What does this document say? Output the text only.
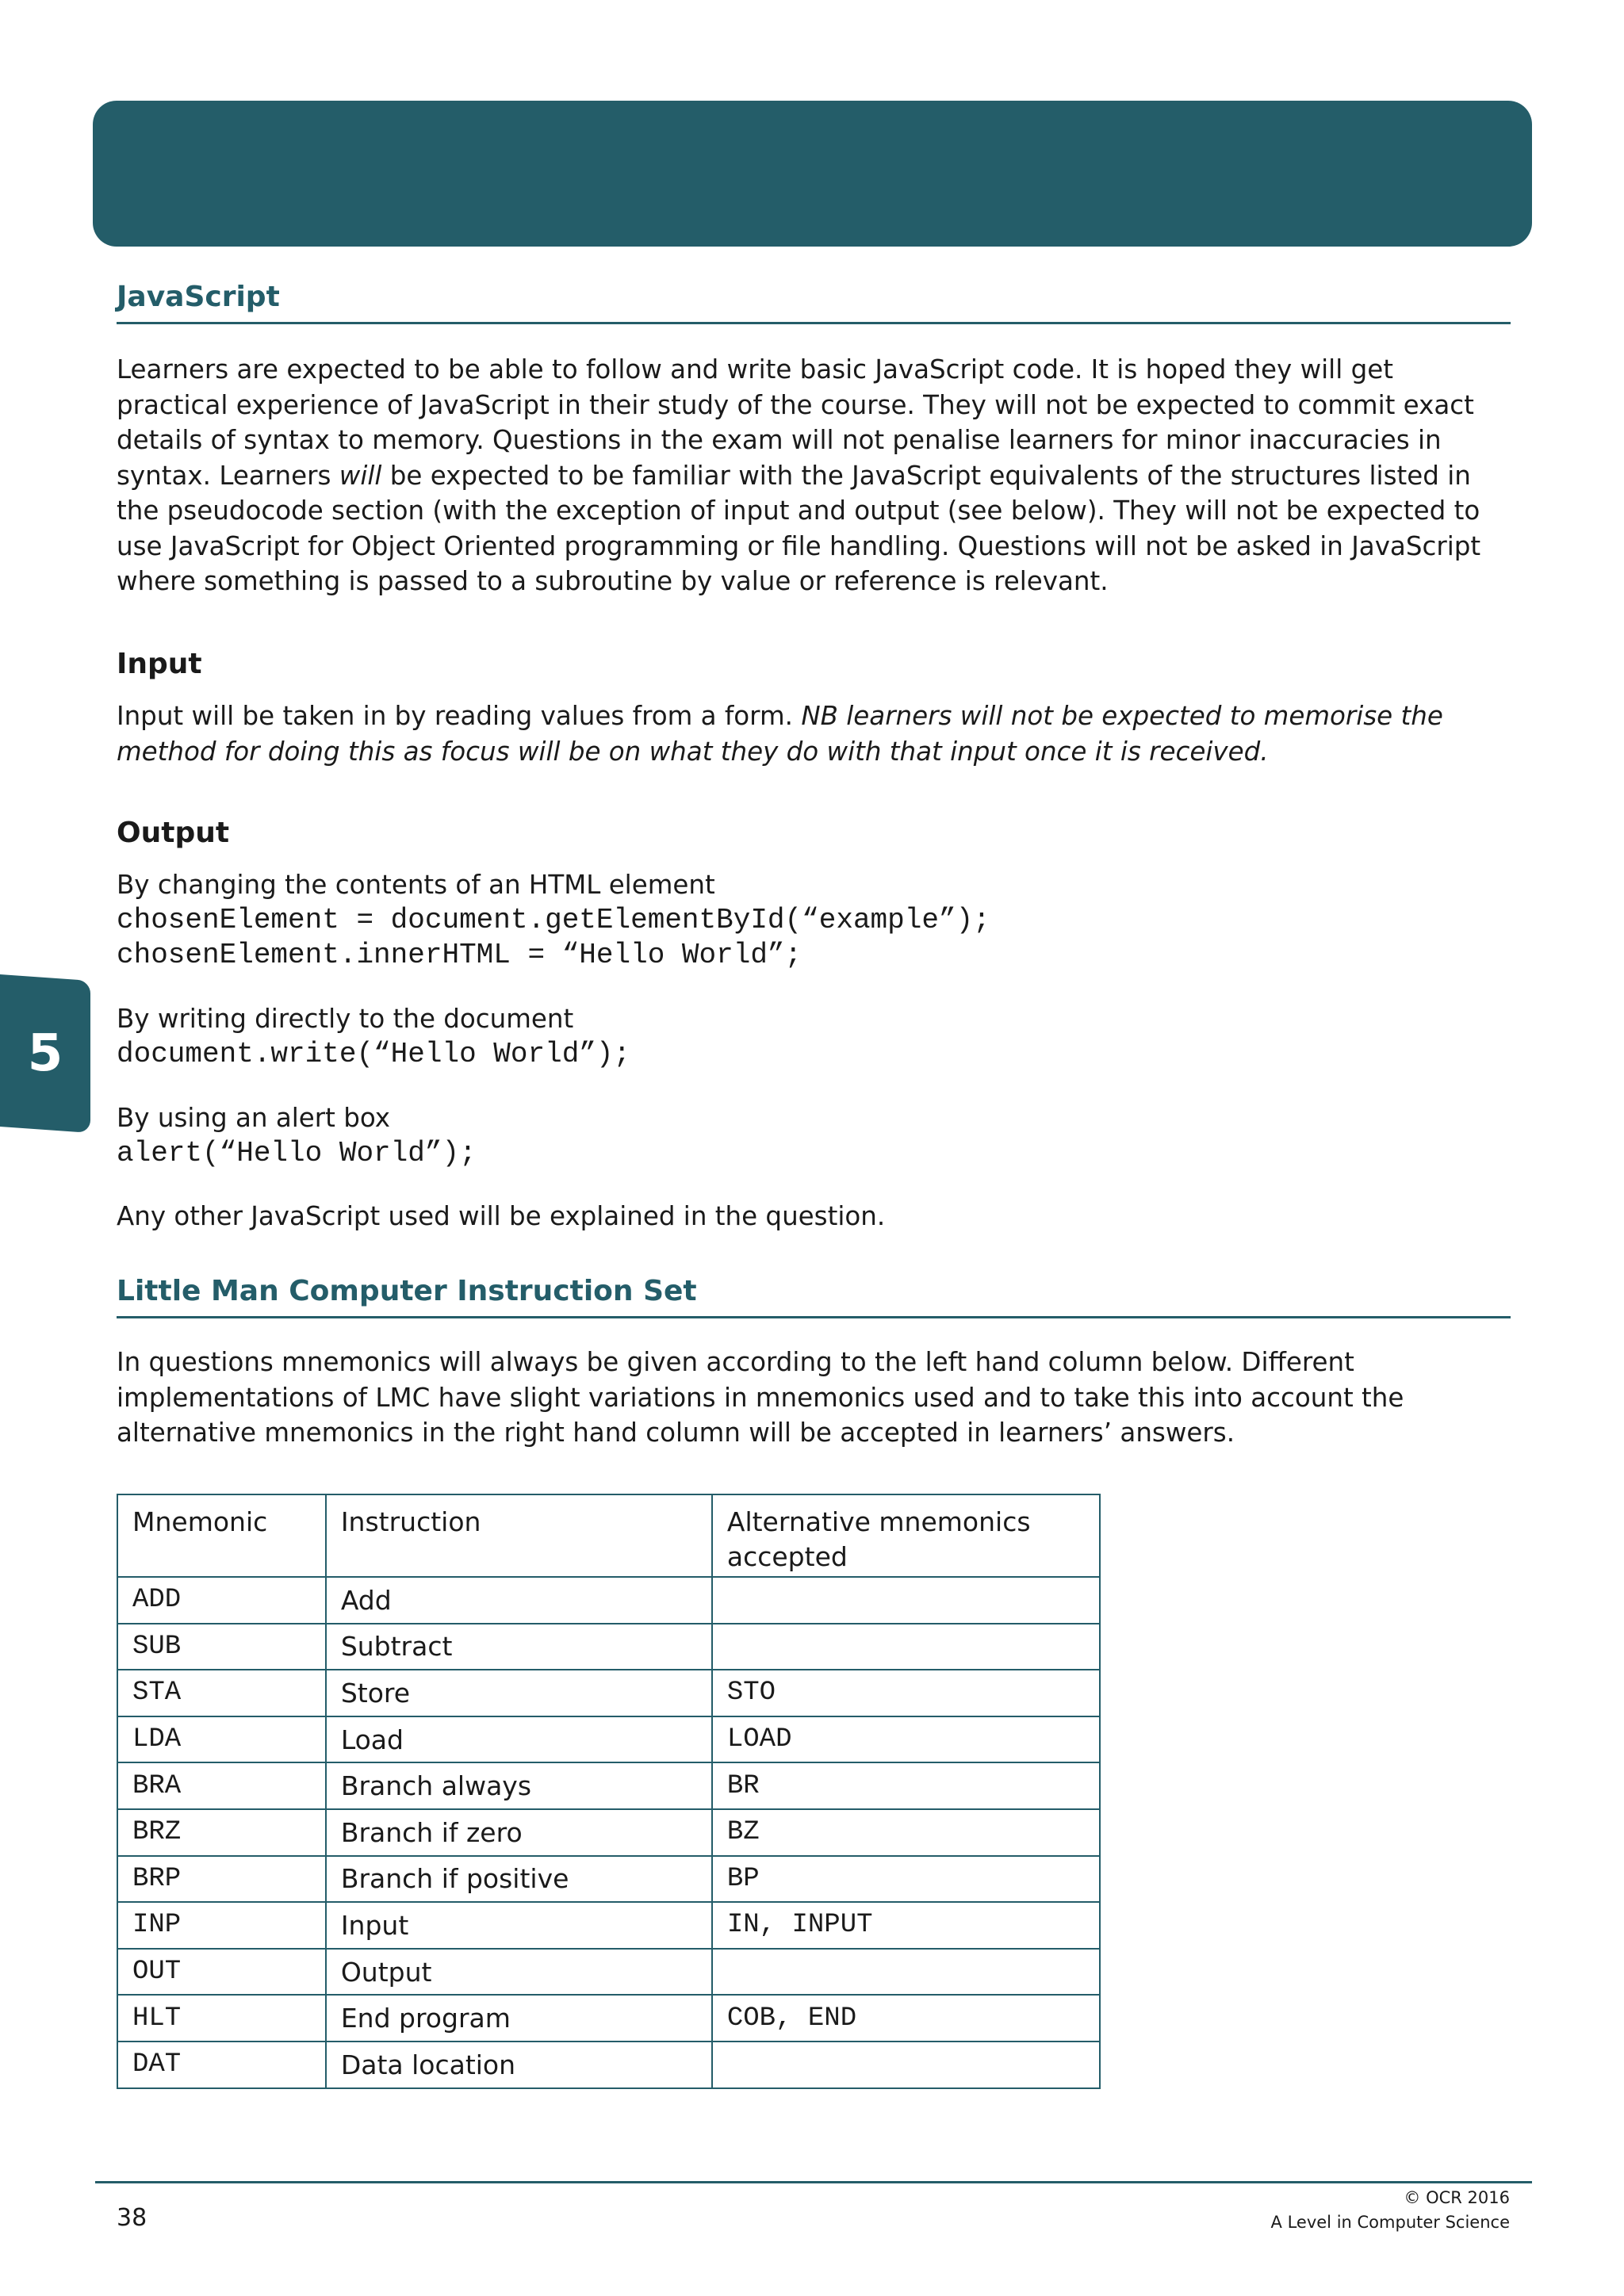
5
JavaScript

Learners are expected to be able to follow and write basic JavaScript code. It is hoped they will get practical experience of JavaScript in their study of the course. They will not be expected to commit exact details of syntax to memory. Questions in the exam will not penalise learners for minor inaccuracies in syntax. Learners will be expected to be familiar with the JavaScript equivalents of the structures listed in the pseudocode section (with the exception of input and output (see below). They will not be expected to use JavaScript for Object Oriented programming or file handling. Questions will not be asked in JavaScript where something is passed to a subroutine by value or reference is relevant.

Input

Input will be taken in by reading values from a form. NB learners will not be expected to memorise the method for doing this as focus will be on what they do with that input once it is received.

Output
By changing the contents of an HTML element
chosenElement = document.getElementById(“example”);
chosenElement.innerHTML = “Hello World”;
By writing directly to the document
document.write(“Hello World”);
By using an alert box
alert(“Hello World”);

Any other JavaScript used will be explained in the question.

Little Man Computer Instruction Set

In questions mnemonics will always be given according to the left hand column below. Different implementations of LMC have slight variations in mnemonics used and to take this into account the alternative mnemonics in the right hand column will be accepted in learners’ answers.

Mnemonic	Instruction	Alternative mnemonics accepted
ADD	Add	
SUB	Subtract	
STA	Store	STO
LDA	Load	LOAD
BRA	Branch always	BR
BRZ	Branch if zero	BZ
BRP	Branch if positive	BP
INP	Input	IN, INPUT
OUT	Output	
HLT	End program	COB, END
DAT	Data location	
38
© OCR 2016
A Level in Computer Science
